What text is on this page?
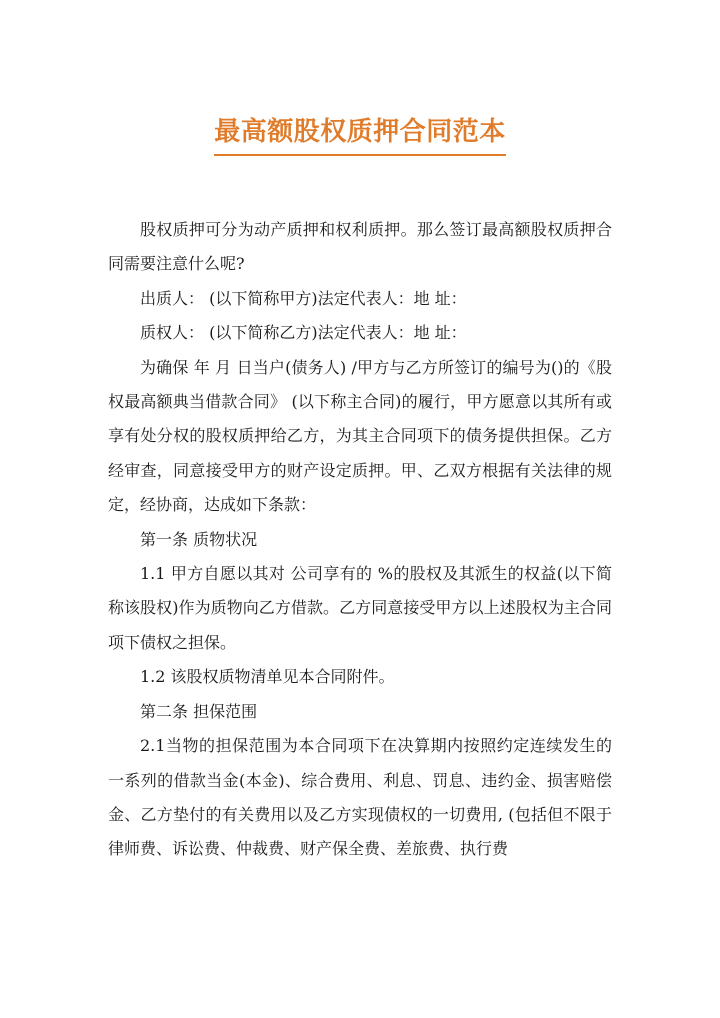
最高额股权质押合同范本

股权质押可分为动产质押和权利质押。那么签订最高额股权质押合同需要注意什么呢?

出质人： (以下简称甲方)法定代表人：地 址：

质权人： (以下简称乙方)法定代表人：地 址：

为确保 年 月 日当户(债务人) /甲方与乙方所签订的编号为()的《股权最高额典当借款合同》 (以下称主合同)的履行，甲方愿意以其所有或享有处分权的股权质押给乙方，为其主合同项下的债务提供担保。乙方经审查，同意接受甲方的财产设定质押。甲、乙双方根据有关法律的规定，经协商，达成如下条款：

第一条 质物状况

1.1 甲方自愿以其对 公司享有的 %的股权及其派生的权益(以下简称该股权)作为质物向乙方借款。乙方同意接受甲方以上述股权为主合同项下债权之担保。

1.2 该股权质物清单见本合同附件。

第二条 担保范围

2.1当物的担保范围为本合同项下在决算期内按照约定连续发生的一系列的借款当金(本金)、综合费用、利息、罚息、违约金、损害赔偿金、乙方垫付的有关费用以及乙方实现债权的一切费用, (包括但不限于律师费、诉讼费、仲裁费、财产保全费、差旅费、执行费
